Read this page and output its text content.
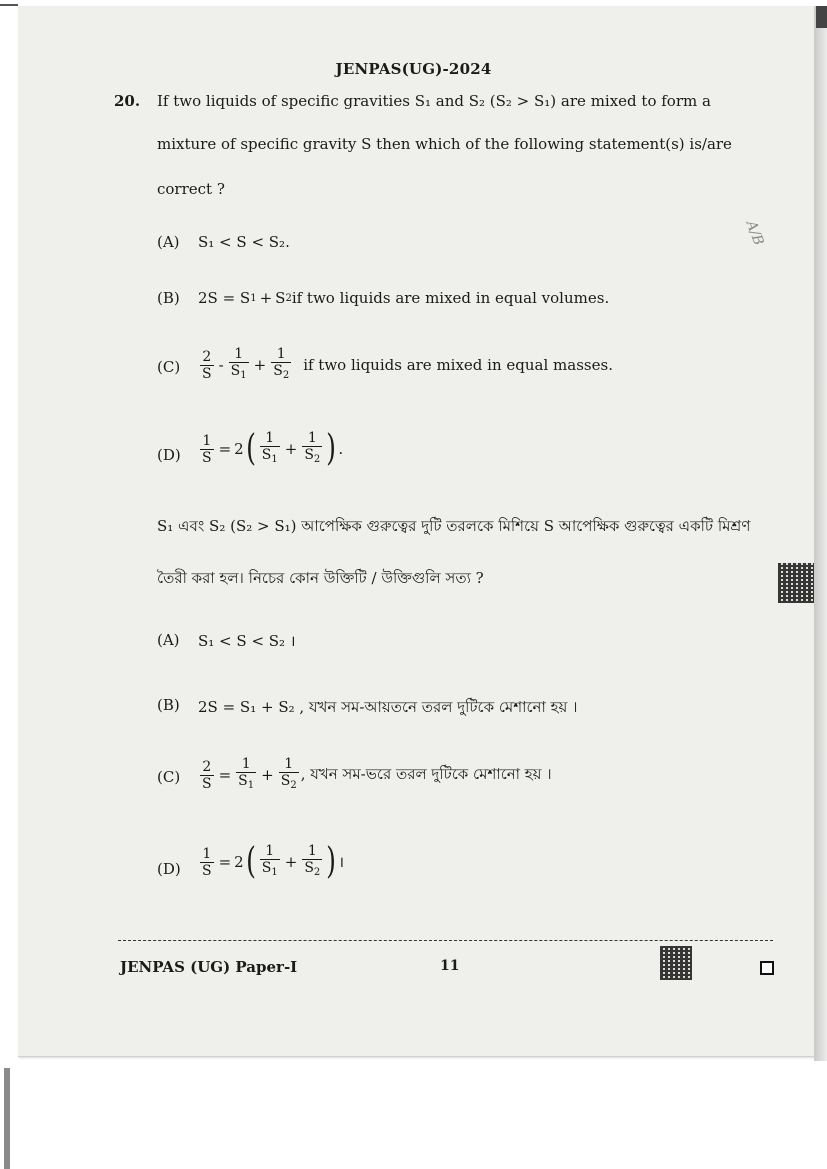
JENPAS(UG)-2024
20. If two liquids of specific gravities S₁ and S₂ (S₂ > S₁) are mixed to form a
mixture of specific gravity S then which of the following statement(s) is/are
correct ?
(A) S₁ < S < S₂.
(B) 2S = S 1 + S 2 if two liquids are mixed in equal volumes.
$(C) \frac{2}{S} - \frac{1}{S_1} + \frac{1}{S_2}$ if two liquids are mixed in equal masses.
$(D) \frac{1}{S} = 2$ ( $\frac{1}{S_1} + \frac{1}{S_2}$ ) .
S₁ এবং S₂ (S₂ > S₁) আপেক্ষিক গুরুত্বের দুটি তরলকে মিশিয়ে S আপেক্ষিক গুরুত্বের একটি মিশ্রণ
তৈরী করা হল। নিচের কোন উক্তিটি / উক্তিগুলি সত্য ?
(A) S₁ < S < S₂ ।
(B) 2S = S₁ + S₂ , যখন সম-আয়তনে তরল দুটিকে মেশানো হয় ।
$(C) \frac{2}{S} = \frac{1}{S_1} + \frac{1}{S_2}$ , যখন সম-ভরে তরল দুটিকে মেশানো হয় ।
$(D) \frac{1}{S} = 2$ ( $\frac{1}{S_1} + \frac{1}{S_2}$ ) ।
A/B
JENPAS (UG) Paper-I	11
